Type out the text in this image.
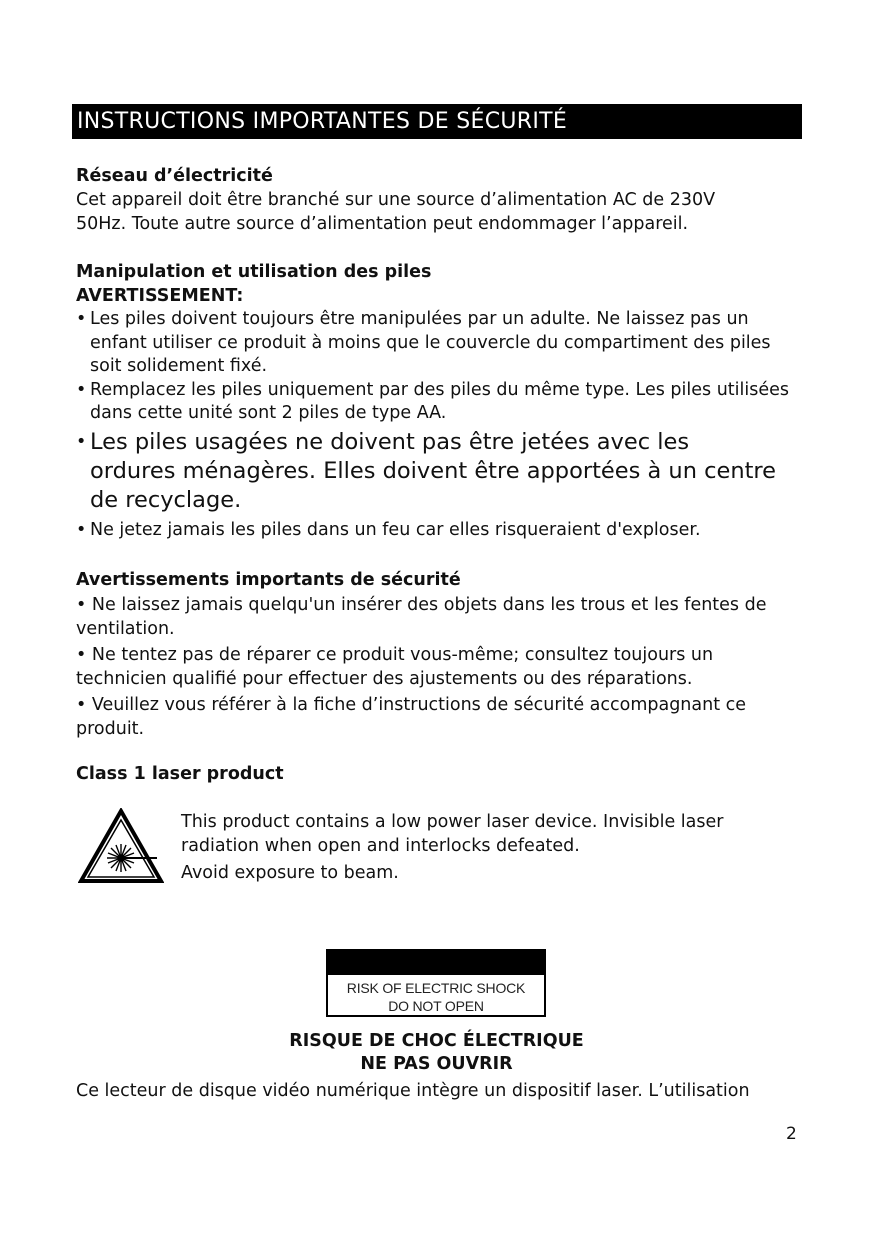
INSTRUCTIONS IMPORTANTES DE SÉCURITÉ
Réseau d’électricité

Cet appareil doit être branché sur une source d’alimentation AC de 230V 50Hz. Toute autre source d’alimentation peut endommager l’appareil.

Manipulation et utilisation des piles
AVERTISSEMENT:
• Les piles doivent toujours être manipulées par un adulte. Ne laissez pas un enfant utiliser ce produit à moins que le couvercle du compartiment des piles soit solidement fixé.
• Remplacez les piles uniquement par des piles du même type. Les piles utilisées dans cette unité sont 2 piles de type AA.
• Les piles usagées ne doivent pas être jetées avec les ordures ménagères. Elles doivent être apportées à un centre de recyclage.
• Ne jetez jamais les piles dans un feu car elles risqueraient d'exploser.
Avertissements importants de sécurité
• Ne laissez jamais quelqu'un insérer des objets dans les trous et les fentes de ventilation.
• Ne tentez pas de réparer ce produit vous-même; consultez toujours un technicien qualifié pour effectuer des ajustements ou des réparations.
• Veuillez vous référer à la fiche d’instructions de sécurité accompagnant ce produit.
Class 1 laser product
This product contains a low power laser device. Invisible laser
radiation when open and interlocks defeated.
Avoid exposure to beam.
RISK OF ELECTRIC SHOCK
DO NOT OPEN
RISQUE DE CHOC ÉLECTRIQUE
NE PAS OUVRIR
Ce lecteur de disque vidéo numérique intègre un dispositif laser. L’utilisation
2
